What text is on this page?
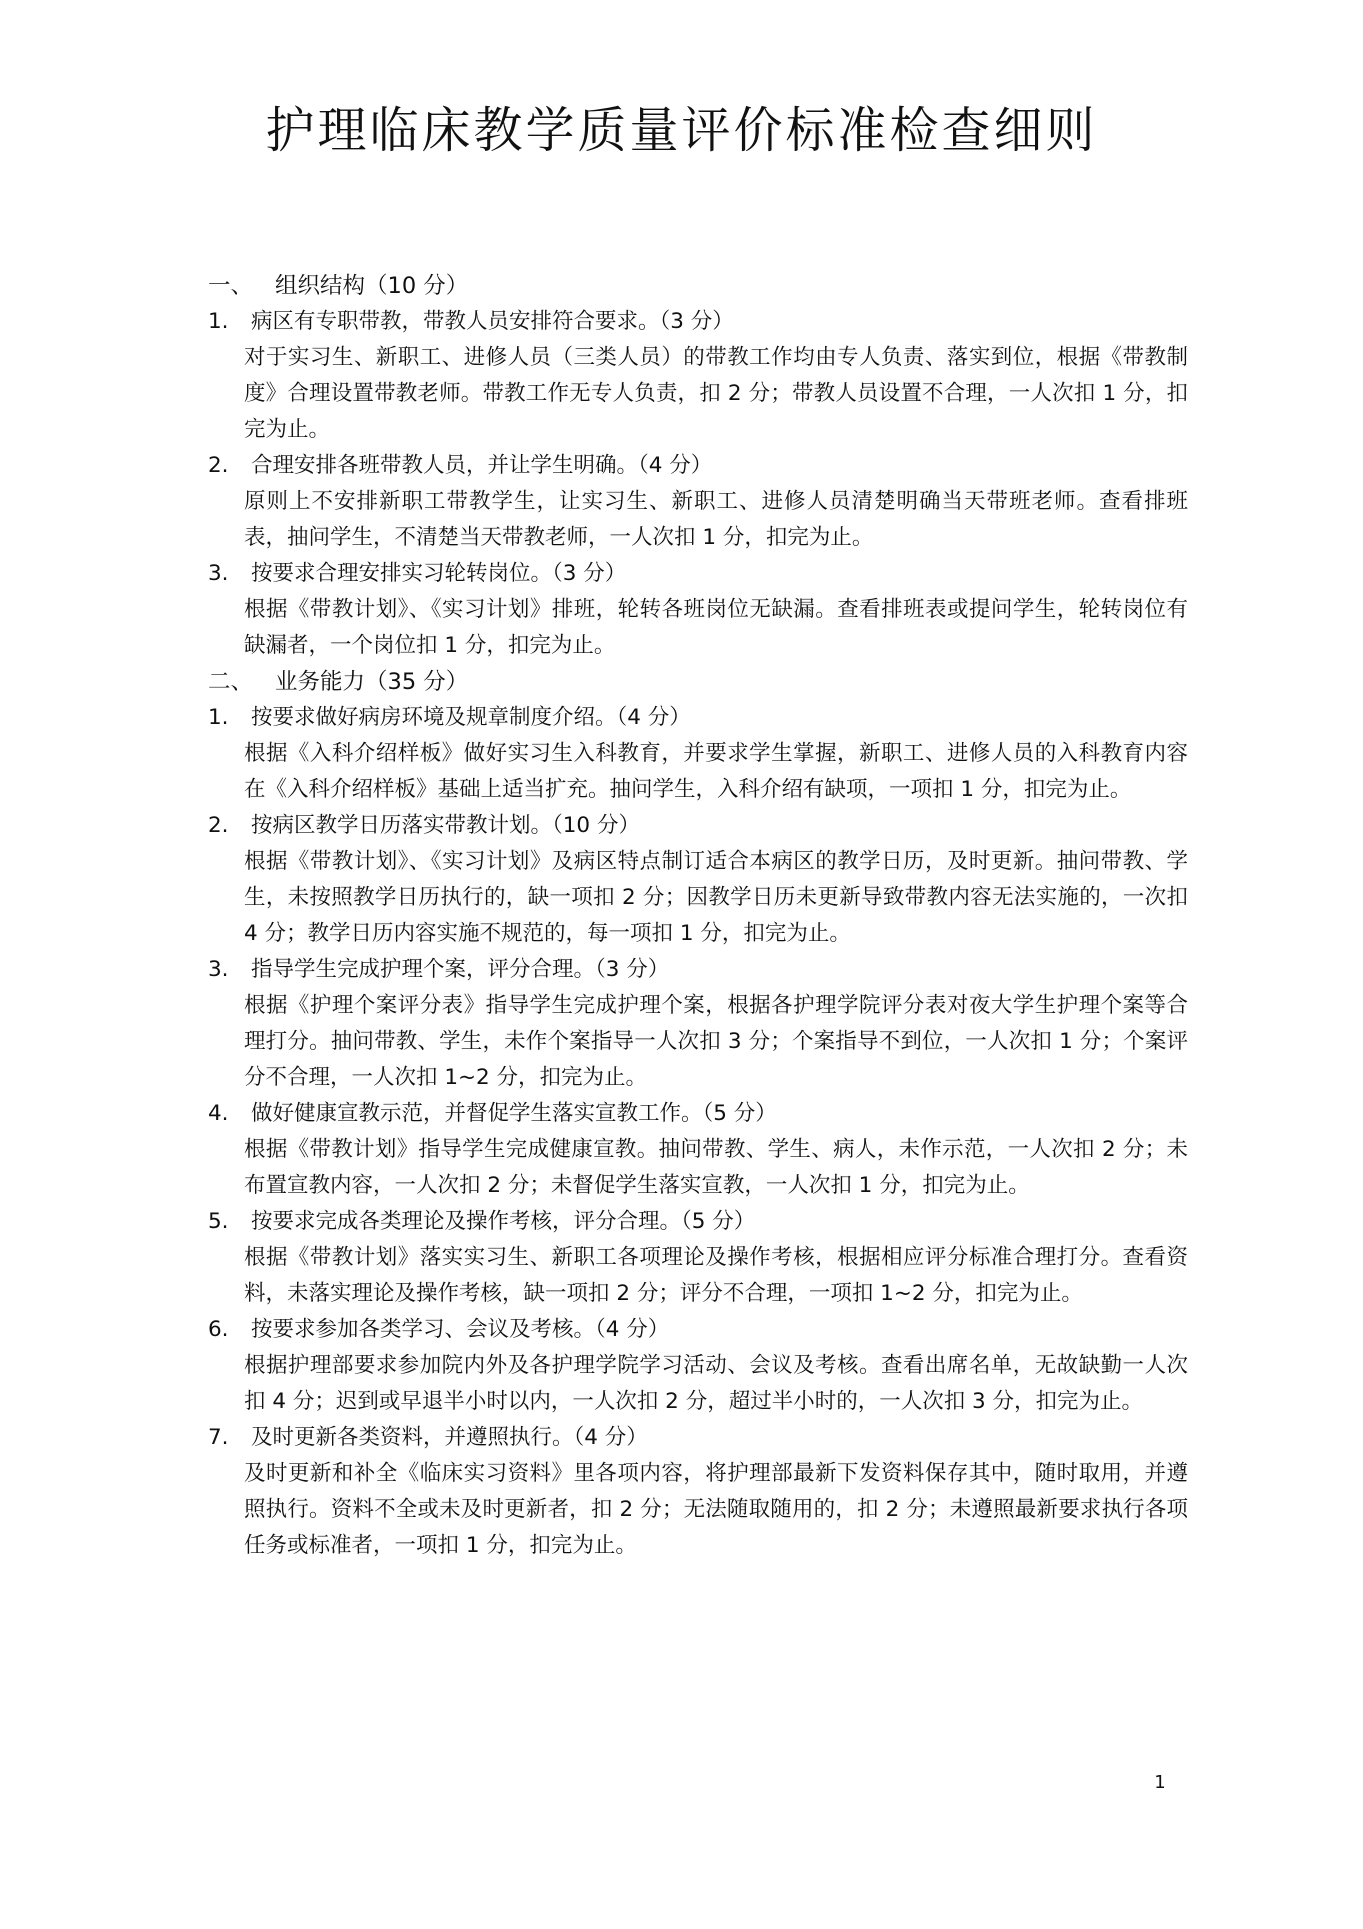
护理临床教学质量评价标准检查细则
一、 组织结构（10 分）
1. 病区有专职带教，带教人员安排符合要求。（3 分）
对于实习生、新职工、进修人员（三类人员）的带教工作均由专人负责、落实到位，根据《带教制度》合理设置带教老师。带教工作无专人负责，扣 2 分；带教人员设置不合理，一人次扣 1 分，扣完为止。
2. 合理安排各班带教人员，并让学生明确。（4 分）
原则上不安排新职工带教学生，让实习生、新职工、进修人员清楚明确当天带班老师。查看排班表，抽问学生，不清楚当天带教老师，一人次扣 1 分，扣完为止。
3. 按要求合理安排实习轮转岗位。（3 分）
根据《带教计划》、《实习计划》排班，轮转各班岗位无缺漏。查看排班表或提问学生，轮转岗位有缺漏者，一个岗位扣 1 分，扣完为止。
二、 业务能力（35 分）
1. 按要求做好病房环境及规章制度介绍。（4 分）
根据《入科介绍样板》做好实习生入科教育，并要求学生掌握，新职工、进修人员的入科教育内容在《入科介绍样板》基础上适当扩充。抽问学生，入科介绍有缺项，一项扣 1 分，扣完为止。
2. 按病区教学日历落实带教计划。（10 分）
根据《带教计划》、《实习计划》及病区特点制订适合本病区的教学日历，及时更新。抽问带教、学生，未按照教学日历执行的，缺一项扣 2 分；因教学日历未更新导致带教内容无法实施的，一次扣 4 分；教学日历内容实施不规范的，每一项扣 1 分，扣完为止。
3. 指导学生完成护理个案，评分合理。（3 分）
根据《护理个案评分表》指导学生完成护理个案，根据各护理学院评分表对夜大学生护理个案等合理打分。抽问带教、学生，未作个案指导一人次扣 3 分；个案指导不到位，一人次扣 1 分；个案评分不合理，一人次扣 1~2 分，扣完为止。
4. 做好健康宣教示范，并督促学生落实宣教工作。（5 分）
根据《带教计划》指导学生完成健康宣教。抽问带教、学生、病人，未作示范，一人次扣 2 分；未布置宣教内容，一人次扣 2 分；未督促学生落实宣教，一人次扣 1 分，扣完为止。
5. 按要求完成各类理论及操作考核，评分合理。（5 分）
根据《带教计划》落实实习生、新职工各项理论及操作考核，根据相应评分标准合理打分。查看资料，未落实理论及操作考核，缺一项扣 2 分；评分不合理，一项扣 1~2 分，扣完为止。
6. 按要求参加各类学习、会议及考核。（4 分）
根据护理部要求参加院内外及各护理学院学习活动、会议及考核。查看出席名单，无故缺勤一人次扣 4 分；迟到或早退半小时以内，一人次扣 2 分，超过半小时的，一人次扣 3 分，扣完为止。
7. 及时更新各类资料，并遵照执行。（4 分）
及时更新和补全《临床实习资料》里各项内容，将护理部最新下发资料保存其中，随时取用，并遵照执行。资料不全或未及时更新者，扣 2 分；无法随取随用的，扣 2 分；未遵照最新要求执行各项任务或标准者，一项扣 1 分，扣完为止。
1
